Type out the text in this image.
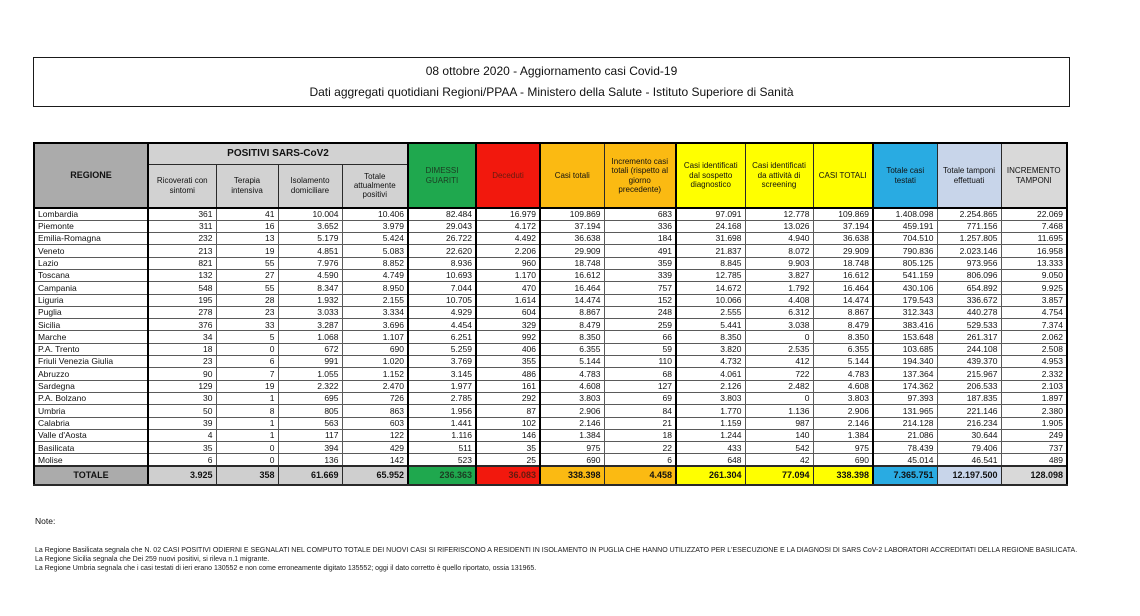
08 ottobre 2020 - Aggiornamento casi Covid-19
Dati aggregati quotidiani Regioni/PPAA - Ministero della Salute - Istituto Superiore di Sanità
REGIONE	POSITIVI SARS-CoV2				DIMESSI GUARITI	Deceduti	Casi totali	Incremento casi totali (rispetto al giorno precedente)	Casi identificati dal sospetto diagnostico	Casi identificati da attività di screening	CASI TOTALI	Totale casi testati	Totale tamponi effettuati	INCREMENTO TAMPONI
	Ricoverati con sintomi	Terapia intensiva	Isolamento domiciliare	Totale attualmente positivi										
Lombardia	361	41	10.004	10.406	82.484	16.979	109.869	683	97.091	12.778	109.869	1.408.098	2.254.865	22.069
Piemonte	311	16	3.652	3.979	29.043	4.172	37.194	336	24.168	13.026	37.194	459.191	771.156	7.468
Emilia-Romagna	232	13	5.179	5.424	26.722	4.492	36.638	184	31.698	4.940	36.638	704.510	1.257.805	11.695
Veneto	213	19	4.851	5.083	22.620	2.206	29.909	491	21.837	8.072	29.909	790.836	2.023.146	16.958
Lazio	821	55	7.976	8.852	8.936	960	18.748	359	8.845	9.903	18.748	805.125	973.956	13.333
Toscana	132	27	4.590	4.749	10.693	1.170	16.612	339	12.785	3.827	16.612	541.159	806.096	9.050
Campania	548	55	8.347	8.950	7.044	470	16.464	757	14.672	1.792	16.464	430.106	654.892	9.925
Liguria	195	28	1.932	2.155	10.705	1.614	14.474	152	10.066	4.408	14.474	179.543	336.672	3.857
Puglia	278	23	3.033	3.334	4.929	604	8.867	248	2.555	6.312	8.867	312.343	440.278	4.754
Sicilia	376	33	3.287	3.696	4.454	329	8.479	259	5.441	3.038	8.479	383.416	529.533	7.374
Marche	34	5	1.068	1.107	6.251	992	8.350	66	8.350	0	8.350	153.648	261.317	2.062
P.A. Trento	18	0	672	690	5.259	406	6.355	59	3.820	2.535	6.355	103.685	244.108	2.508
Friuli Venezia Giulia	23	6	991	1.020	3.769	355	5.144	110	4.732	412	5.144	194.340	439.370	4.953
Abruzzo	90	7	1.055	1.152	3.145	486	4.783	68	4.061	722	4.783	137.364	215.967	2.332
Sardegna	129	19	2.322	2.470	1.977	161	4.608	127	2.126	2.482	4.608	174.362	206.533	2.103
P.A. Bolzano	30	1	695	726	2.785	292	3.803	69	3.803	0	3.803	97.393	187.835	1.897
Umbria	50	8	805	863	1.956	87	2.906	84	1.770	1.136	2.906	131.965	221.146	2.380
Calabria	39	1	563	603	1.441	102	2.146	21	1.159	987	2.146	214.128	216.234	1.905
Valle d'Aosta	4	1	117	122	1.116	146	1.384	18	1.244	140	1.384	21.086	30.644	249
Basilicata	35	0	394	429	511	35	975	22	433	542	975	78.439	79.406	737
Molise	6	0	136	142	523	25	690	6	648	42	690	45.014	46.541	489
TOTALE	3.925	358	61.669	65.952	236.363	36.083	338.398	4.458	261.304	77.094	338.398	7.365.751	12.197.500	128.098
Note:
La Regione Basilicata segnala che N. 02 CASI POSITIVI ODIERNI E SEGNALATI NEL COMPUTO TOTALE DEI NUOVI CASI SI RIFERISCONO A RESIDENTI IN ISOLAMENTO IN PUGLIA CHE HANNO UTILIZZATO PER L'ESECUZIONE E LA DIAGNOSI DI SARS CoV-2 LABORATORI ACCREDITATI DELLA REGIONE BASILICATA.
La Regione Sicilia segnala che Dei 259 nuovi positivi, si rileva n.1 migrante.
La Regione Umbria segnala che i casi testati di ieri erano 130552 e non come erroneamente digitato 135552; oggi il dato corretto è quello riportato, ossia 131965.
